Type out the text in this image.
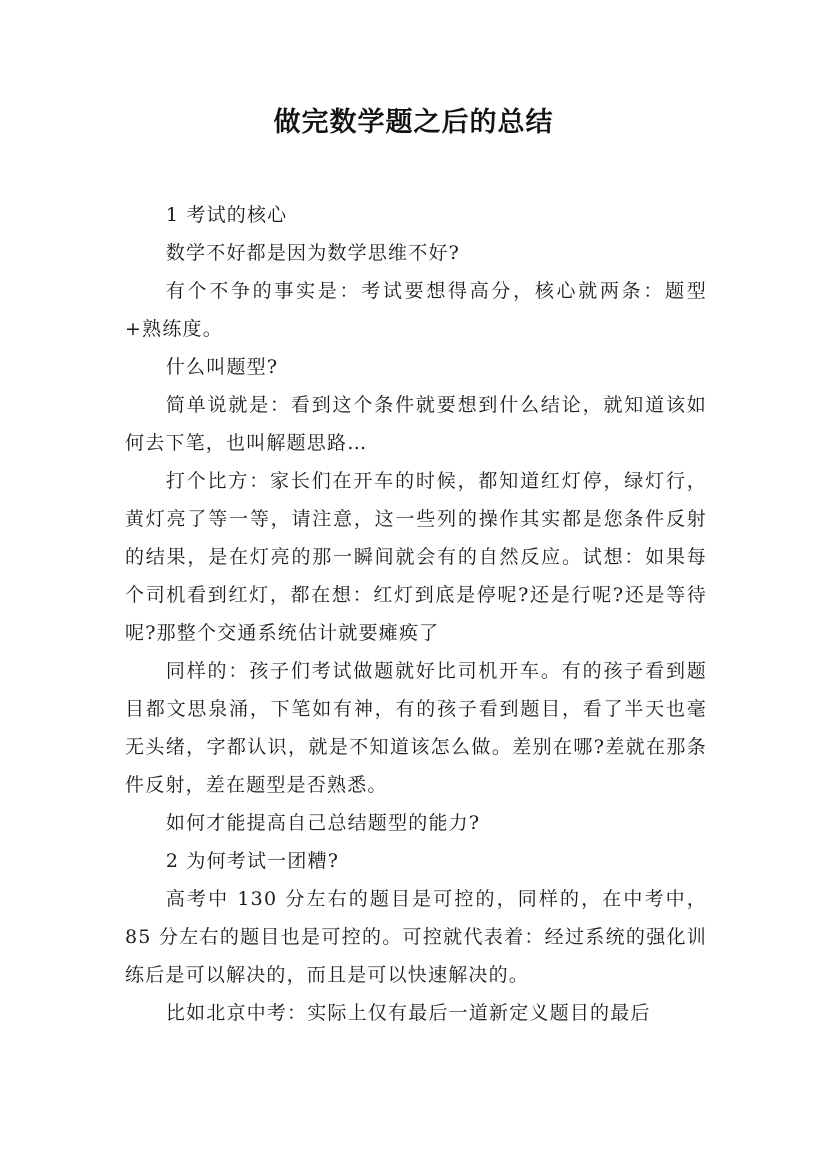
做完数学题之后的总结

1 考试的核心

数学不好都是因为数学思维不好?

有个不争的事实是：考试要想得高分，核心就两条：题型+熟练度。

什么叫题型?

简单说就是：看到这个条件就要想到什么结论，就知道该如何去下笔，也叫解题思路…

打个比方：家长们在开车的时候，都知道红灯停，绿灯行，黄灯亮了等一等，请注意，这一些列的操作其实都是您条件反射的结果，是在灯亮的那一瞬间就会有的自然反应。试想：如果每个司机看到红灯，都在想：红灯到底是停呢?还是行呢?还是等待呢?那整个交通系统估计就要瘫痪了

同样的：孩子们考试做题就好比司机开车。有的孩子看到题目都文思泉涌，下笔如有神，有的孩子看到题目，看了半天也毫无头绪，字都认识，就是不知道该怎么做。差别在哪?差就在那条件反射，差在题型是否熟悉。

如何才能提高自己总结题型的能力?

2 为何考试一团糟?

高考中 130 分左右的题目是可控的，同样的，在中考中，85 分左右的题目也是可控的。可控就代表着：经过系统的强化训练后是可以解决的，而且是可以快速解决的。

比如北京中考：实际上仅有最后一道新定义题目的最后
